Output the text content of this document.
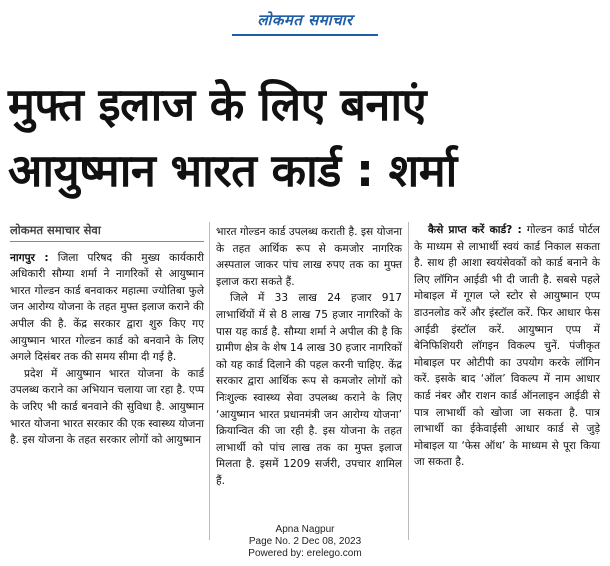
लोकमत समाचार
मुफ्त इलाज के लिए बनाएं
आयुष्मान भारत कार्ड : शर्मा
लोकमत समाचार सेवा

नागपुर : जिला परिषद की मुख्य कार्यकारी अधिकारी सौम्या शर्मा ने नागरिकों से आयुष्मान भारत गोल्डन कार्ड बनवाकर महात्मा ज्योतिबा फुले जन आरोग्य योजना के तहत मुफ्त इलाज कराने की अपील की है. केंद्र सरकार द्वारा शुरु किए गए आयुष्मान भारत गोल्डन कार्ड को बनवाने के लिए अगले दिसंबर तक की समय सीमा दी गई है.

प्रदेश में आयुष्मान भारत योजना के कार्ड उपलब्ध कराने का अभियान चलाया जा रहा है. एप्प के जरिए भी कार्ड बनवाने की सुविधा है. आयुष्मान भारत योजना भारत सरकार की एक स्वास्थ्य योजना है. इस योजना के तहत सरकार लोगों को आयुष्मान

भारत गोल्डन कार्ड उपलब्ध कराती है. इस योजना के तहत आर्थिक रूप से कमजोर नागरिक अस्पताल जाकर पांच लाख रुपए तक का मुफ्त इलाज करा सकते हैं.

जिले में 33 लाख 24 हजार 917 लाभार्थियों में से 8 लाख 75 हजार नागरिकों के पास यह कार्ड है. सौम्या शर्मा ने अपील की है कि ग्रामीण क्षेत्र के शेष 14 लाख 30 हजार नागरिकों को यह कार्ड दिलाने की पहल करनी चाहिए. केंद्र सरकार द्वारा आर्थिक रूप से कमजोर लोगों को निःशुल्क स्वास्थ्य सेवा उपलब्ध कराने के लिए ‘आयुष्मान भारत प्रधानमंत्री जन आरोग्य योजना’ क्रियान्वित की जा रही है. इस योजना के तहत लाभार्थी को पांच लाख तक का मुफ्त इलाज मिलता है. इसमें 1209 सर्जरी, उपचार शामिल हैं.

कैसे प्राप्त करें कार्ड? : गोल्डन कार्ड पोर्टल के माध्यम से लाभार्थी स्वयं कार्ड निकाल सकता है. साथ ही आशा स्वयंसेवकों को कार्ड बनाने के लिए लॉगिन आईडी भी दी जाती है. सबसे पहले मोबाइल में गूगल प्ले स्टोर से आयुष्मान एप्प डाउनलोड करें और इंस्टॉल करें. फिर आधार फेस आईडी इंस्टॉल करें. आयुष्मान एप्प में बेनिफिशियरी लॉगइन विकल्प चुनें. पंजीकृत मोबाइल पर ओटीपी का उपयोग करके लॉगिन करें. इसके बाद ‘ऑल’ विकल्प में नाम आधार कार्ड नंबर और राशन कार्ड ऑनलाइन आईडी से पात्र लाभार्थी को खोजा जा सकता है. पात्र लाभार्थी का ईकेवाईसी आधार कार्ड से जुड़े मोबाइल या ‘फेस ऑथ’ के माध्यम से पूरा किया जा सकता है.

Apna Nagpur
Page No. 2 Dec 08, 2023
Powered by: erelego.com
